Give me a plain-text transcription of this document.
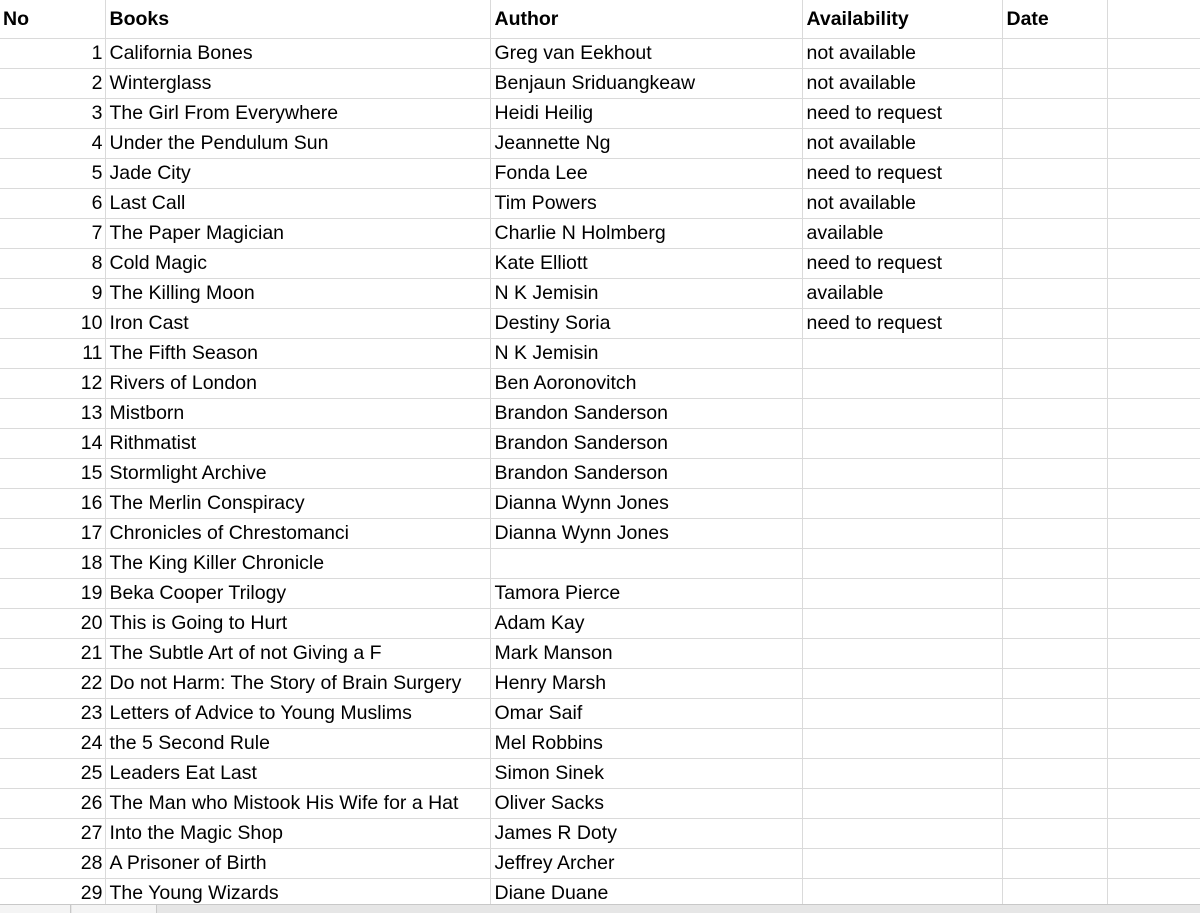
No	Books	Author	Availability	Date	
1	California Bones	Greg van Eekhout	not available		
2	Winterglass	Benjaun Sriduangkeaw	not available		
3	The Girl From Everywhere	Heidi Heilig	need to request		
4	Under the Pendulum Sun	Jeannette Ng	not available		
5	Jade City	Fonda Lee	need to request		
6	Last Call	Tim Powers	not available		
7	The Paper Magician	Charlie N Holmberg	available		
8	Cold Magic	Kate Elliott	need to request		
9	The Killing Moon	N K Jemisin	available		
10	Iron Cast	Destiny Soria	need to request		
11	The Fifth Season	N K Jemisin			
12	Rivers of London	Ben Aoronovitch			
13	Mistborn	Brandon Sanderson			
14	Rithmatist	Brandon Sanderson			
15	Stormlight Archive	Brandon Sanderson			
16	The Merlin Conspiracy	Dianna Wynn Jones			
17	Chronicles of Chrestomanci	Dianna Wynn Jones			
18	The King Killer Chronicle				
19	Beka Cooper Trilogy	Tamora Pierce			
20	This is Going to Hurt	Adam Kay			
21	The Subtle Art of not Giving a F	Mark Manson			
22	Do not Harm: The Story of Brain Surgery	Henry Marsh			
23	Letters of Advice to Young Muslims	Omar Saif			
24	the 5 Second Rule	Mel Robbins			
25	Leaders Eat Last	Simon Sinek			
26	The Man who Mistook His Wife for a Hat	Oliver Sacks			
27	Into the Magic Shop	James R Doty			
28	A Prisoner of Birth	Jeffrey Archer			
29	The Young Wizards	Diane Duane			
